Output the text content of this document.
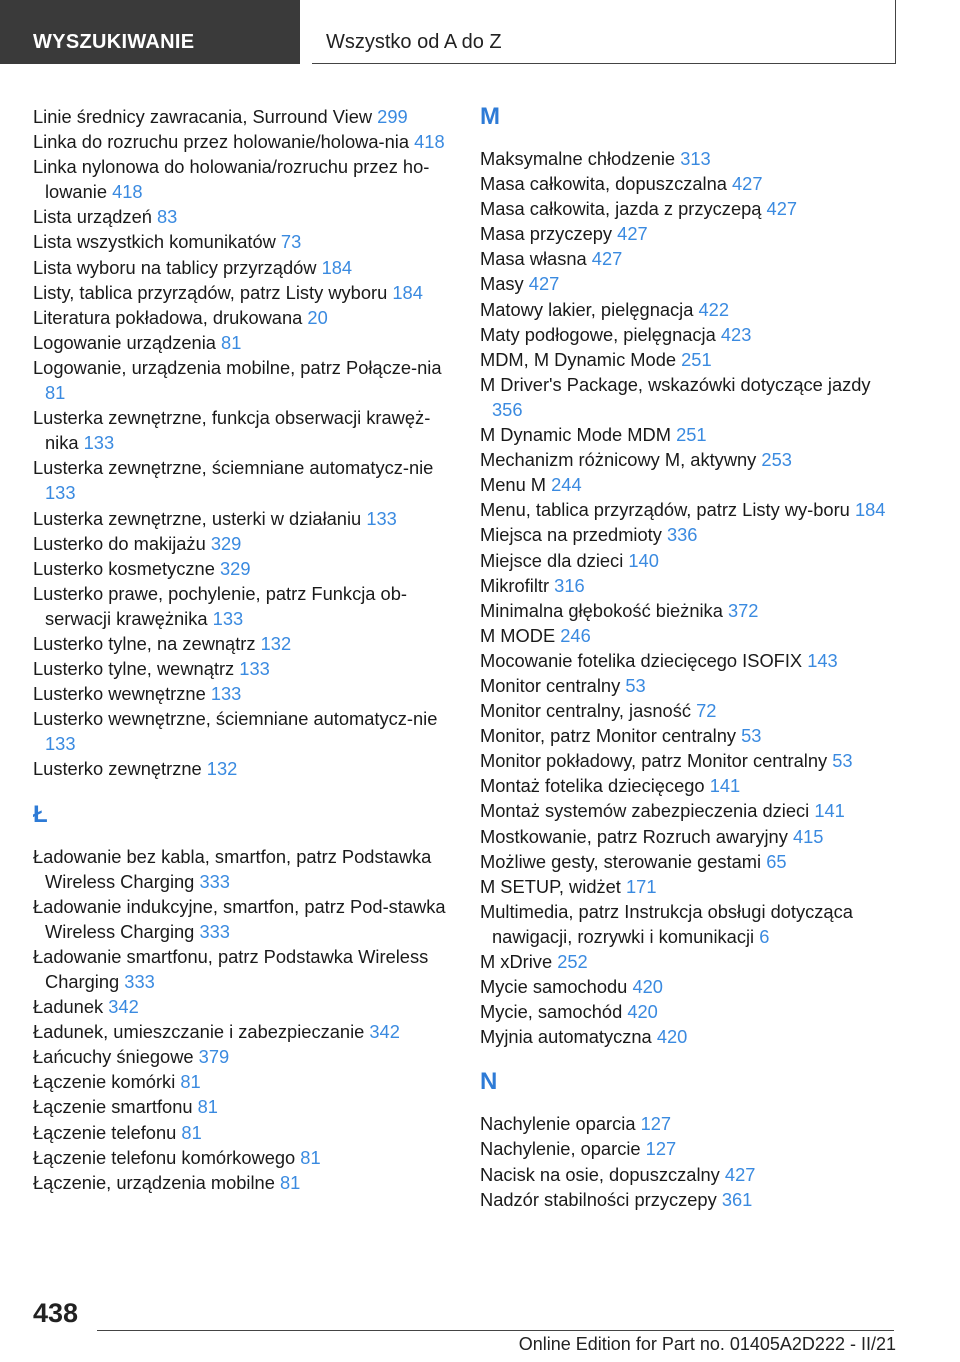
WYSZUKIWANIE	Wszystko od A do Z
Linie średnicy zawracania, Surround View 299
Linka do rozruchu przez holowanie/holowa‐nia 418
Linka nylonowa do holowania/rozruchu przez ho‐lowanie 418
Lista urządzeń 83
Lista wszystkich komunikatów 73
Lista wyboru na tablicy przyrządów 184
Listy, tablica przyrządów, patrz Listy wyboru 184
Literatura pokładowa, drukowana 20
Logowanie urządzenia 81
Logowanie, urządzenia mobilne, patrz Połącze‐nia 81
Lusterka zewnętrzne, funkcja obserwacji krawęż‐nika 133
Lusterka zewnętrzne, ściemniane automatycz‐nie 133
Lusterka zewnętrzne, usterki w działaniu 133
Lusterko do makijażu 329
Lusterko kosmetyczne 329
Lusterko prawe, pochylenie, patrz Funkcja ob‐serwacji krawężnika 133
Lusterko tylne, na zewnątrz 132
Lusterko tylne, wewnątrz 133
Lusterko wewnętrzne 133
Lusterko wewnętrzne, ściemniane automatycz‐nie 133
Lusterko zewnętrzne 132
Ł
Ładowanie bez kabla, smartfon, patrz Podstawka Wireless Charging 333
Ładowanie indukcyjne, smartfon, patrz Pod‐stawka Wireless Charging 333
Ładowanie smartfonu, patrz Podstawka Wireless Charging 333
Ładunek 342
Ładunek, umieszczanie i zabezpieczanie 342
Łańcuchy śniegowe 379
Łączenie komórki 81
Łączenie smartfonu 81
Łączenie telefonu 81
Łączenie telefonu komórkowego 81
Łączenie, urządzenia mobilne 81
M
Maksymalne chłodzenie 313
Masa całkowita, dopuszczalna 427
Masa całkowita, jazda z przyczepą 427
Masa przyczepy 427
Masa własna 427
Masy 427
Matowy lakier, pielęgnacja 422
Maty podłogowe, pielęgnacja 423
MDM, M Dynamic Mode 251
M Driver's Package, wskazówki dotyczące jazdy 356
M Dynamic Mode MDM 251
Mechanizm różnicowy M, aktywny 253
Menu M 244
Menu, tablica przyrządów, patrz Listy wy‐boru 184
Miejsca na przedmioty 336
Miejsce dla dzieci 140
Mikrofiltr 316
Minimalna głębokość bieżnika 372
M MODE 246
Mocowanie fotelika dziecięcego ISOFIX 143
Monitor centralny 53
Monitor centralny, jasność 72
Monitor, patrz Monitor centralny 53
Monitor pokładowy, patrz Monitor centralny 53
Montaż fotelika dziecięcego 141
Montaż systemów zabezpieczenia dzieci 141
Mostkowanie, patrz Rozruch awaryjny 415
Możliwe gesty, sterowanie gestami 65
M SETUP, widżet 171
Multimedia, patrz Instrukcja obsługi dotycząca nawigacji, rozrywki i komunikacji 6
M xDrive 252
Mycie samochodu 420
Mycie, samochód 420
Myjnia automatyczna 420
N
Nachylenie oparcia 127
Nachylenie, oparcie 127
Nacisk na osie, dopuszczalny 427
Nadzór stabilności przyczepy 361
438
Online Edition for Part no. 01405A2D222 - II/21
